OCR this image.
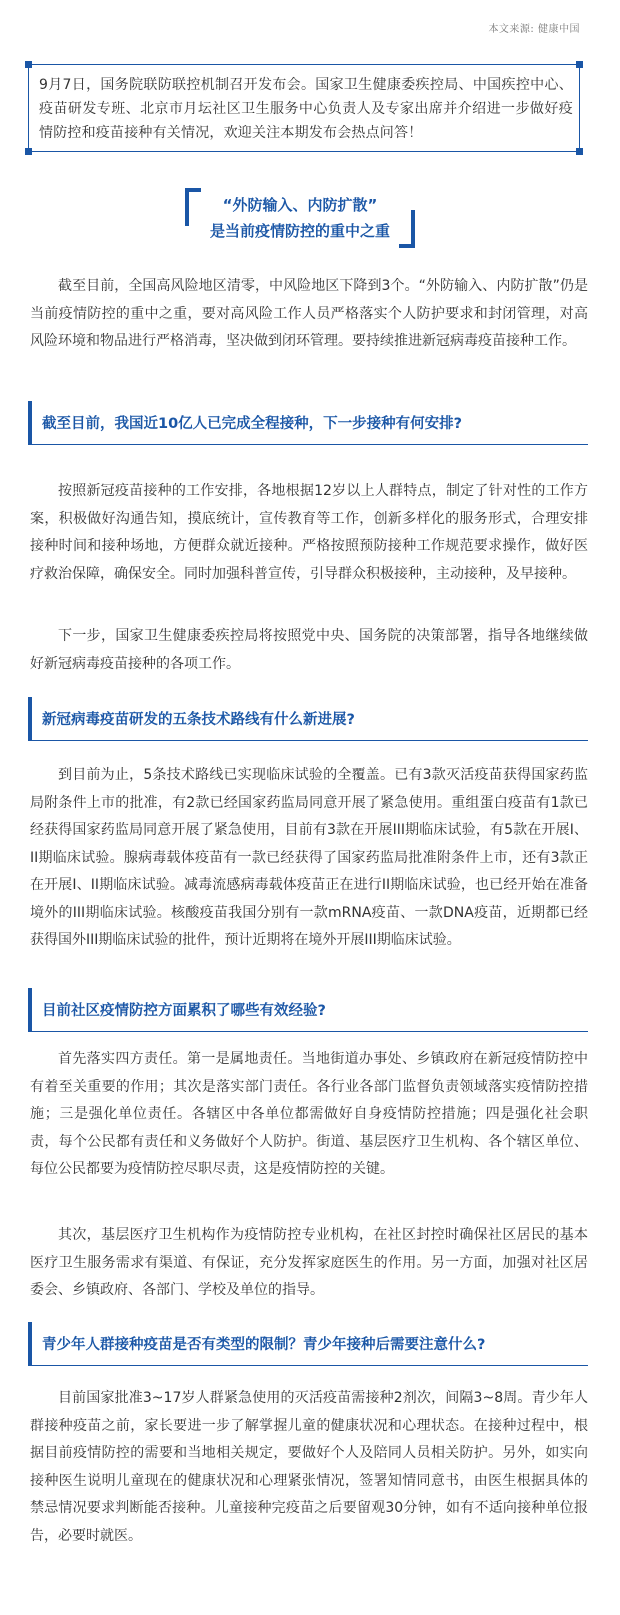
本文来源: 健康中国
9月7日，国务院联防联控机制召开发布会。国家卫生健康委疾控局、中国疾控中心、疫苗研发专班、北京市月坛社区卫生服务中心负责人及专家出席并介绍进一步做好疫情防控和疫苗接种有关情况，欢迎关注本期发布会热点问答！
“外防输入、内防扩散”
是当前疫情防控的重中之重
截至目前，全国高风险地区清零，中风险地区下降到3个。“外防输入、内防扩散”仍是当前疫情防控的重中之重，要对高风险工作人员严格落实个人防护要求和封闭管理，对高风险环境和物品进行严格消毒，坚决做到闭环管理。要持续推进新冠病毒疫苗接种工作。
截至目前，我国近10亿人已完成全程接种，下一步接种有何安排?
按照新冠疫苗接种的工作安排，各地根据12岁以上人群特点，制定了针对性的工作方案，积极做好沟通告知，摸底统计，宣传教育等工作，创新多样化的服务形式，合理安排接种时间和接种场地，方便群众就近接种。严格按照预防接种工作规范要求操作，做好医疗救治保障，确保安全。同时加强科普宣传，引导群众积极接种，主动接种，及早接种。
下一步，国家卫生健康委疾控局将按照党中央、国务院的决策部署，指导各地继续做好新冠病毒疫苗接种的各项工作。
新冠病毒疫苗研发的五条技术路线有什么新进展?
到目前为止，5条技术路线已实现临床试验的全覆盖。已有3款灭活疫苗获得国家药监局附条件上市的批准，有2款已经国家药监局同意开展了紧急使用。重组蛋白疫苗有1款已经获得国家药监局同意开展了紧急使用，目前有3款在开展III期临床试验，有5款在开展I、II期临床试验。腺病毒载体疫苗有一款已经获得了国家药监局批准附条件上市，还有3款正在开展I、II期临床试验。减毒流感病毒载体疫苗正在进行II期临床试验，也已经开始在准备境外的III期临床试验。核酸疫苗我国分别有一款mRNA疫苗、一款DNA疫苗，近期都已经获得国外III期临床试验的批件，预计近期将在境外开展III期临床试验。
目前社区疫情防控方面累积了哪些有效经验?
首先落实四方责任。第一是属地责任。当地街道办事处、乡镇政府在新冠疫情防控中有着至关重要的作用；其次是落实部门责任。各行业各部门监督负责领域落实疫情防控措施；三是强化单位责任。各辖区中各单位都需做好自身疫情防控措施；四是强化社会职责，每个公民都有责任和义务做好个人防护。街道、基层医疗卫生机构、各个辖区单位、每位公民都要为疫情防控尽职尽责，这是疫情防控的关键。
其次，基层医疗卫生机构作为疫情防控专业机构，在社区封控时确保社区居民的基本医疗卫生服务需求有渠道、有保证，充分发挥家庭医生的作用。另一方面，加强对社区居委会、乡镇政府、各部门、学校及单位的指导。
青少年人群接种疫苗是否有类型的限制？青少年接种后需要注意什么?
目前国家批准3~17岁人群紧急使用的灭活疫苗需接种2剂次，间隔3~8周。青少年人群接种疫苗之前，家长要进一步了解掌握儿童的健康状况和心理状态。在接种过程中，根据目前疫情防控的需要和当地相关规定，要做好个人及陪同人员相关防护。另外，如实向接种医生说明儿童现在的健康状况和心理紧张情况，签署知情同意书，由医生根据具体的禁忌情况要求判断能否接种。儿童接种完疫苗之后要留观30分钟，如有不适向接种单位报告，必要时就医。
